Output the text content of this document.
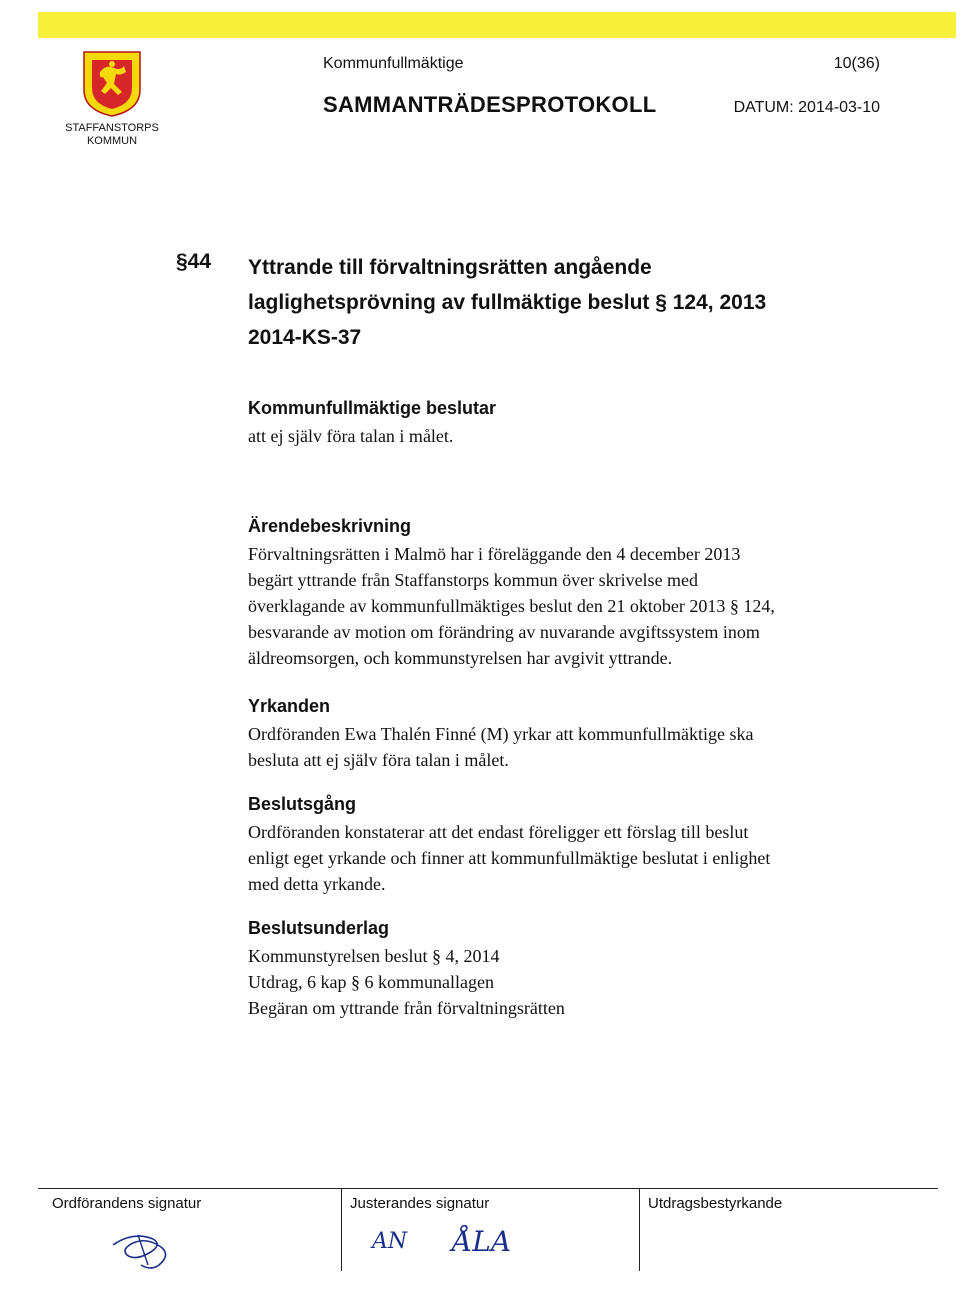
STAFFANSTORPS
KOMMUN
Kommunfullmäktige	10(36)
SAMMANTRÄDESPROTOKOLL	DATUM: 2014-03-10
§44 Yttrande till förvaltningsrätten angående
laglighetsprövning av fullmäktige beslut § 124, 2013
2014-KS-37
Kommunfullmäktige beslutar
att ej själv föra talan i målet.
Ärendebeskrivning
Förvaltningsrätten i Malmö har i föreläggande den 4 december 2013
begärt yttrande från Staffanstorps kommun över skrivelse med
överklagande av kommunfullmäktiges beslut den 21 oktober 2013 § 124,
besvarande av motion om förändring av nuvarande avgiftssystem inom
äldreomsorgen, och kommunstyrelsen har avgivit yttrande.
Yrkanden
Ordföranden Ewa Thalén Finné (M) yrkar att kommunfullmäktige ska
besluta att ej själv föra talan i målet.
Beslutsgång
Ordföranden konstaterar att det endast föreligger ett förslag till beslut
enligt eget yrkande och finner att kommunfullmäktige beslutat i enlighet
med detta yrkande.
Beslutsunderlag
Kommunstyrelsen beslut § 4, 2014
Utdrag, 6 kap § 6 kommunallagen
Begäran om yttrande från förvaltningsrätten
Ordförandens signatur	Justerandes signatur
AN ÅLA
Utdragsbestyrkande
